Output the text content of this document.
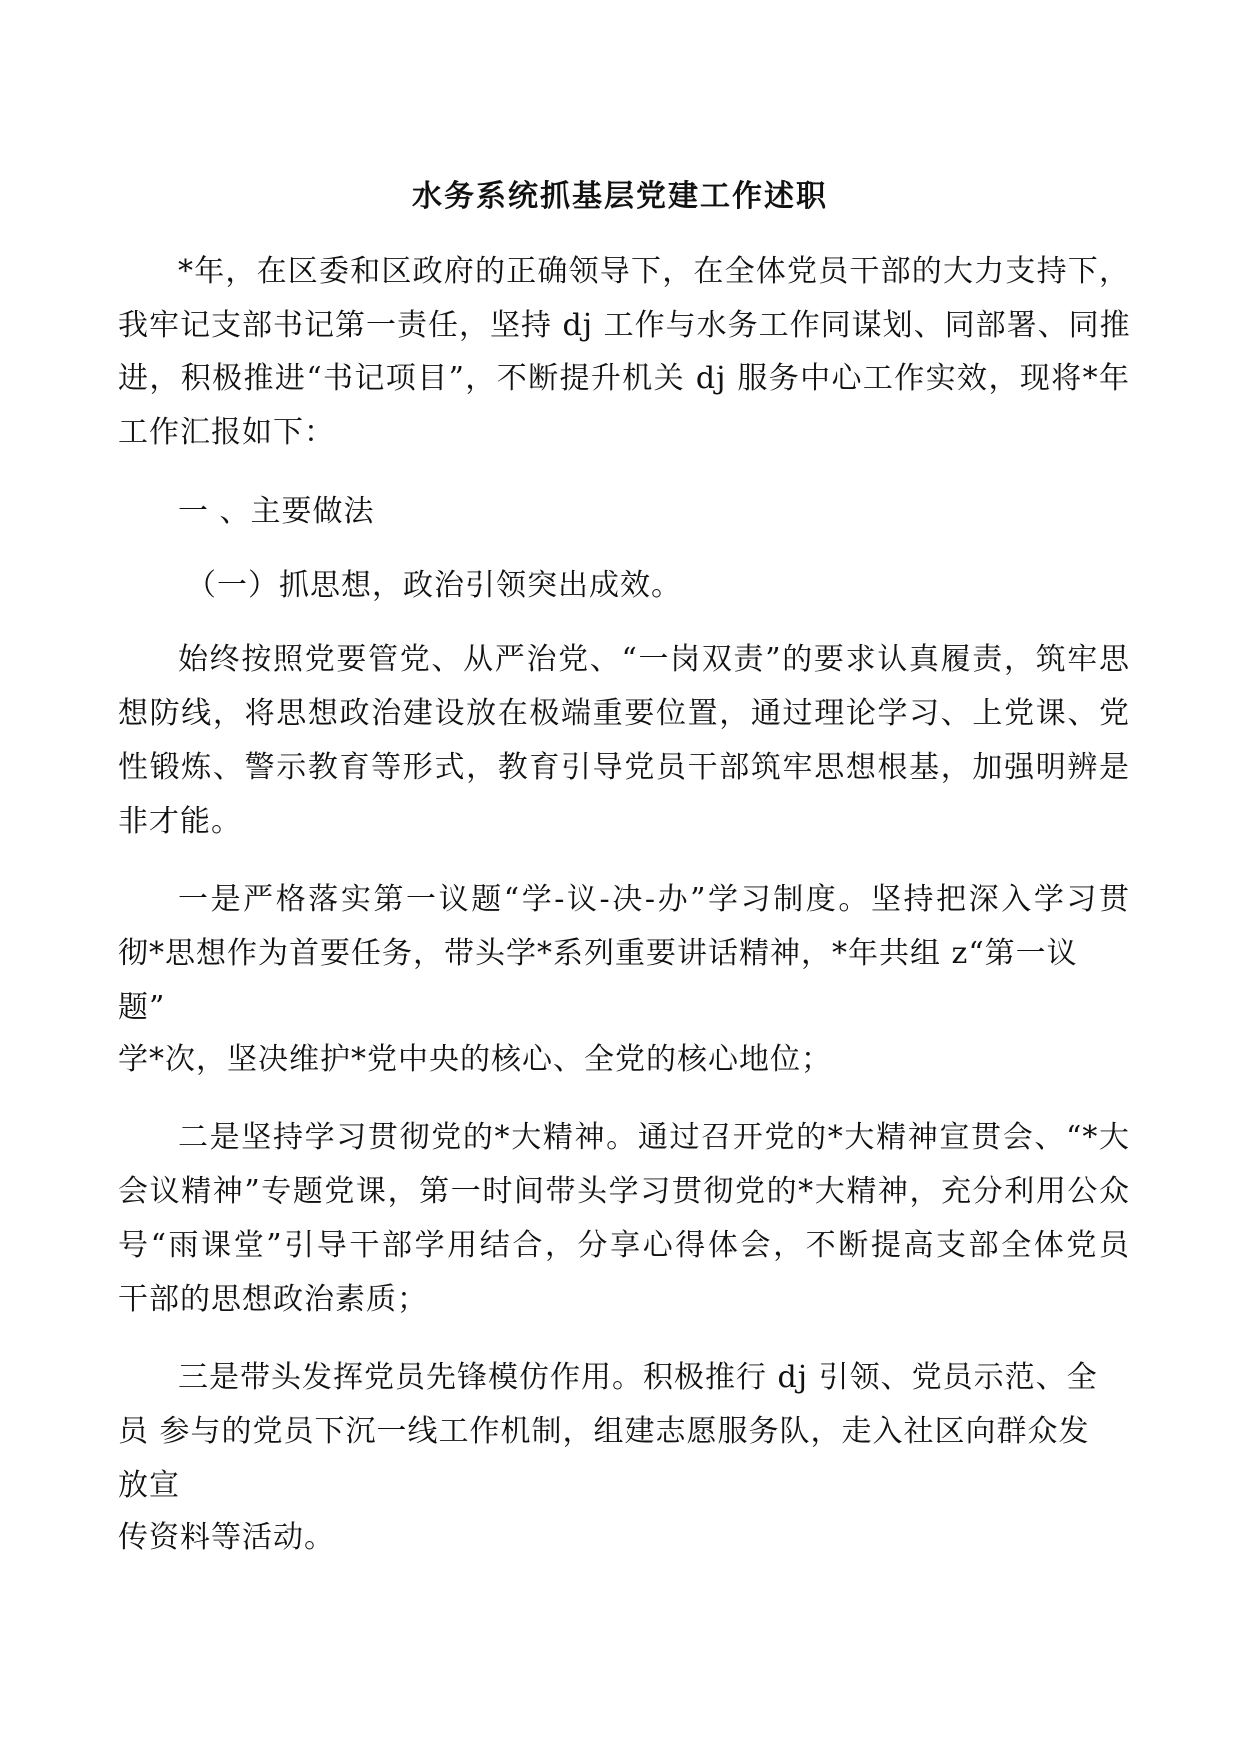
水务系统抓基层党建工作述职

*年，在区委和区政府的正确领导下，在全体党员干部的大力支持下，

我牢记支部书记第一责任，坚持 dj 工作与水务工作同谋划、同部署、同推

进，积极推进“书记项目”，不断提升机关 dj 服务中心工作实效，现将*年

工作汇报如下：

一 、主要做法

（一）抓思想，政治引领突出成效。

始终按照党要管党、从严治党、“一岗双责”的要求认真履责，筑牢思

想防线，将思想政治建设放在极端重要位置，通过理论学习、上党课、党

性锻炼、警示教育等形式，教育引导党员干部筑牢思想根基，加强明辨是

非才能。

一是严格落实第一议题“学-议-决-办”学习制度。坚持把深入学习贯

彻*思想作为首要任务，带头学*系列重要讲话精神，*年共组 z“第一议

题”

学*次，坚决维护*党中央的核心、全党的核心地位；

二是坚持学习贯彻党的*大精神。通过召开党的*大精神宣贯会、“*大

会议精神”专题党课，第一时间带头学习贯彻党的*大精神，充分利用公众

号“雨课堂”引导干部学用结合，分享心得体会，不断提高支部全体党员

干部的思想政治素质；

三是带头发挥党员先锋模仿作用。积极推行 dj 引领、党员示范、全

员 参与的党员下沉一线工作机制，组建志愿服务队，走入社区向群众发

放宣

传资料等活动。
